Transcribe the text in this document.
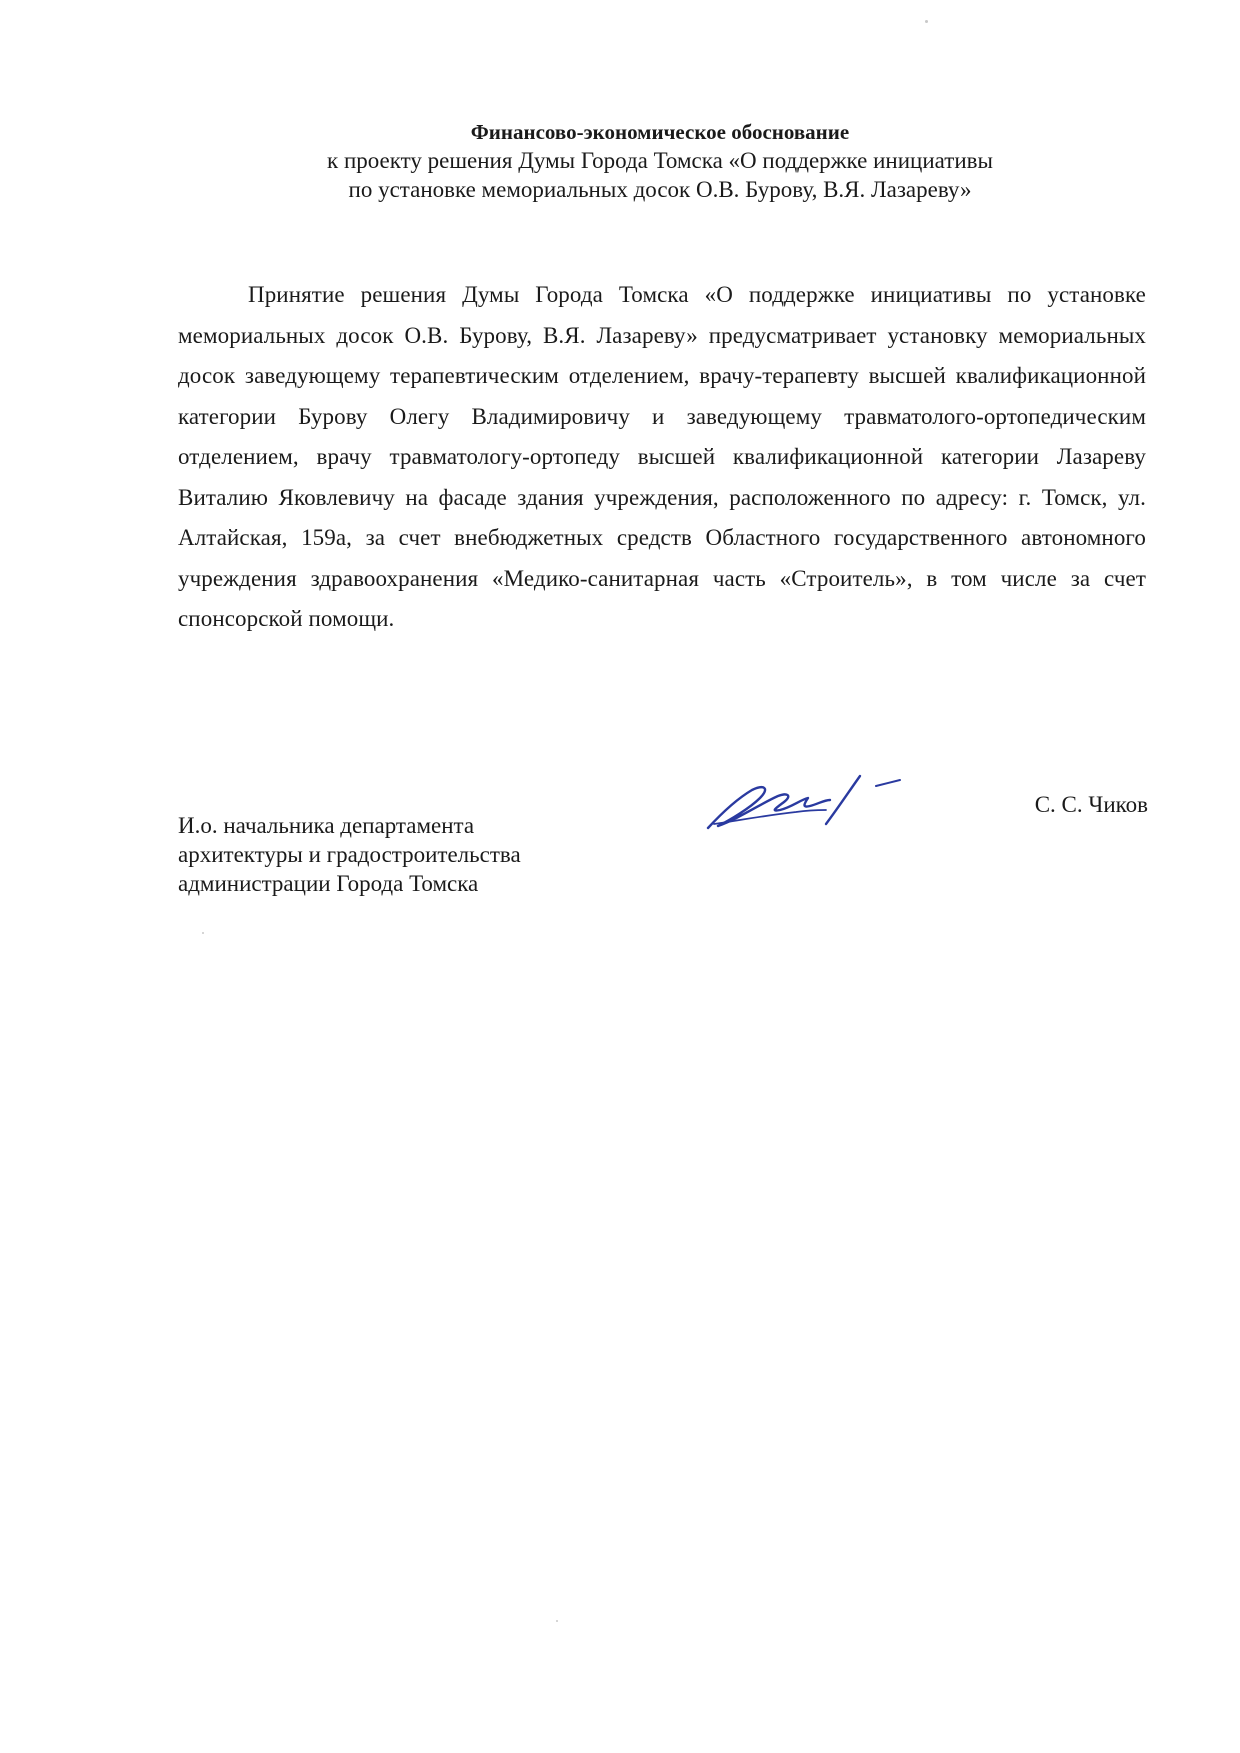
Финансово-экономическое обоснование

к проекту решения Думы Города Томска «О поддержке инициативы

по установке мемориальных досок О.В. Бурову, В.Я. Лазареву»

Принятие решения Думы Города Томска «О поддержке инициативы по установке мемориальных досок О.В. Бурову, В.Я. Лазареву» предусматривает установку мемориальных досок заведующему терапевтическим отделением, врачу-терапевту высшей квалификационной категории Бурову Олегу Владимировичу и заведующему травматолого-ортопедическим отделением, врачу травматологу-ортопеду высшей квалификационной категории Лазареву Виталию Яковлевичу на фасаде здания учреждения, расположенного по адресу: г. Томск, ул. Алтайская, 159а, за счет внебюджетных средств Областного государственного автономного учреждения здравоохранения «Медико-санитарная часть «Строитель», в том числе за счет спонсорской помощи.

И.о. начальника департамента
архитектуры и градостроительства
администрации Города Томска
С. С. Чиков
